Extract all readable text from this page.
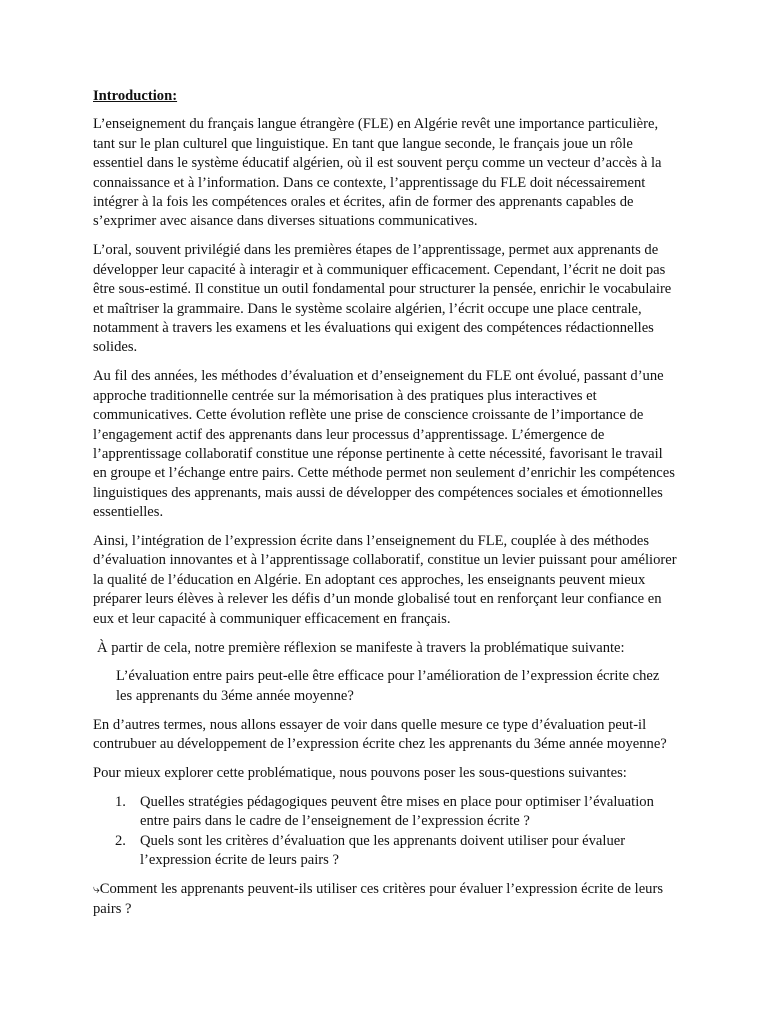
Introduction:

L’enseignement du français langue étrangère (FLE) en Algérie revêt une importance particulière, tant sur le plan culturel que linguistique. En tant que langue seconde, le français joue un rôle essentiel dans le système éducatif algérien, où il est souvent perçu comme un vecteur d’accès à la connaissance et à l’information. Dans ce contexte, l’apprentissage du FLE doit nécessairement intégrer à la fois les compétences orales et écrites, afin de former des apprenants capables de s’exprimer avec aisance dans diverses situations communicatives.

L’oral, souvent privilégié dans les premières étapes de l’apprentissage, permet aux apprenants de développer leur capacité à interagir et à communiquer efficacement. Cependant, l’écrit ne doit pas être sous-estimé. Il constitue un outil fondamental pour structurer la pensée, enrichir le vocabulaire et maîtriser la grammaire. Dans le système scolaire algérien, l’écrit occupe une place centrale, notamment à travers les examens et les évaluations qui exigent des compétences rédactionnelles solides.

Au fil des années, les méthodes d’évaluation et d’enseignement du FLE ont évolué, passant d’une approche traditionnelle centrée sur la mémorisation à des pratiques plus interactives et communicatives. Cette évolution reflète une prise de conscience croissante de l’importance de l’engagement actif des apprenants dans leur processus d’apprentissage. L’émergence de l’apprentissage collaboratif constitue une réponse pertinente à cette nécessité, favorisant le travail en groupe et l’échange entre pairs. Cette méthode permet non seulement d’enrichir les compétences linguistiques des apprenants, mais aussi de développer des compétences sociales et émotionnelles essentielles.

Ainsi, l’intégration de l’expression écrite dans l’enseignement du FLE, couplée à des méthodes d’évaluation innovantes et à l’apprentissage collaboratif, constitue un levier puissant pour améliorer la qualité de l’éducation en Algérie. En adoptant ces approches, les enseignants peuvent mieux préparer leurs élèves à relever les défis d’un monde globalisé tout en renforçant leur confiance en eux et leur capacité à communiquer efficacement en français.

À partir de cela, notre première réflexion se manifeste à travers la problématique suivante:

L’évaluation entre pairs peut-elle être efficace pour l’amélioration de l’expression écrite chez les apprenants du 3éme année moyenne?

En d’autres termes, nous allons essayer de voir dans quelle mesure ce type d’évaluation peut-il contrubuer au développement de l’expression écrite chez les apprenants du 3éme année moyenne?

Pour mieux explorer cette problématique, nous pouvons poser les sous-questions suivantes:

1. Quelles stratégies pédagogiques peuvent être mises en place pour optimiser l’évaluation entre pairs dans le cadre de l’enseignement de l’expression écrite ?
2. Quels sont les critères d’évaluation que les apprenants doivent utiliser pour évaluer l’expression écrite de leurs pairs ?

⤷Comment les apprenants peuvent-ils utiliser ces critères pour évaluer l’expression écrite de leurs pairs ?
